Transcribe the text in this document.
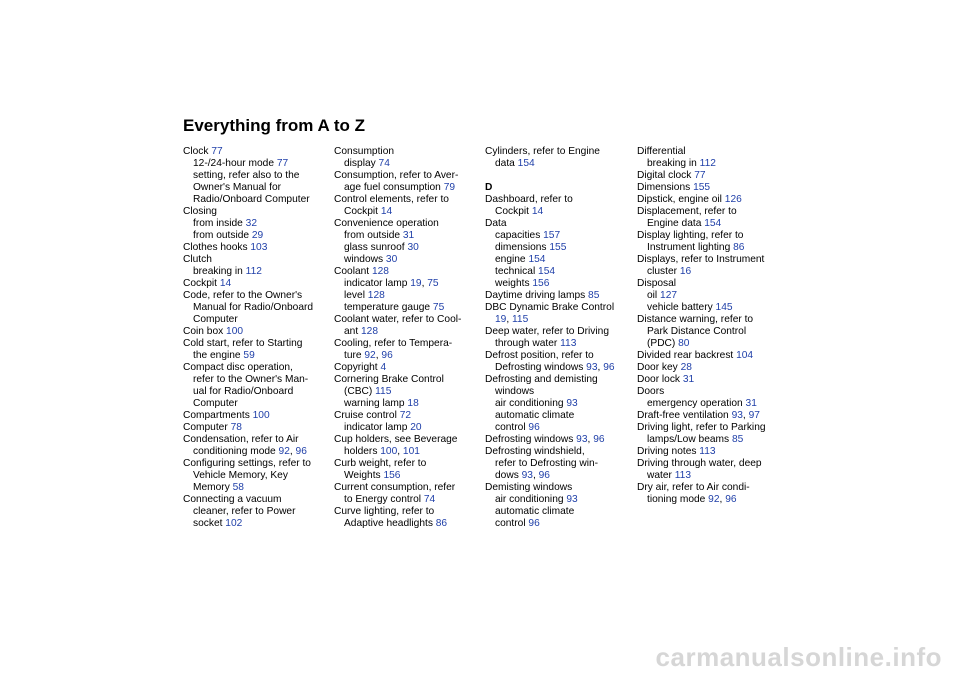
Everything from A to Z
Clock 77
12-/24-hour mode 77
setting, refer also to the
Owner's Manual for
Radio/Onboard Computer
Closing
from inside 32
from outside 29
Clothes hooks 103
Clutch
breaking in 112
Cockpit 14
Code, refer to the Owner's
Manual for Radio/Onboard
Computer
Coin box 100
Cold start, refer to Starting
the engine 59
Compact disc operation,
refer to the Owner's Man-
ual for Radio/Onboard
Computer
Compartments 100
Computer 78
Condensation, refer to Air
conditioning mode 92, 96
Configuring settings, refer to
Vehicle Memory, Key
Memory 58
Connecting a vacuum
cleaner, refer to Power
socket 102
Consumption
display 74
Consumption, refer to Aver-
age fuel consumption 79
Control elements, refer to
Cockpit 14
Convenience operation
from outside 31
glass sunroof 30
windows 30
Coolant 128
indicator lamp 19, 75
level 128
temperature gauge 75
Coolant water, refer to Cool-
ant 128
Cooling, refer to Tempera-
ture 92, 96
Copyright 4
Cornering Brake Control
(CBC) 115
warning lamp 18
Cruise control 72
indicator lamp 20
Cup holders, see Beverage
holders 100, 101
Curb weight, refer to
Weights 156
Current consumption, refer
to Energy control 74
Curve lighting, refer to
Adaptive headlights 86
Cylinders, refer to Engine
data 154
D
Dashboard, refer to
Cockpit 14
Data
capacities 157
dimensions 155
engine 154
technical 154
weights 156
Daytime driving lamps 85
DBC Dynamic Brake Control
19, 115
Deep water, refer to Driving
through water 113
Defrost position, refer to
Defrosting windows 93, 96
Defrosting and demisting
windows
air conditioning 93
automatic climate
control 96
Defrosting windows 93, 96
Defrosting windshield,
refer to Defrosting win-
dows 93, 96
Demisting windows
air conditioning 93
automatic climate
control 96
Differential
breaking in 112
Digital clock 77
Dimensions 155
Dipstick, engine oil 126
Displacement, refer to
Engine data 154
Display lighting, refer to
Instrument lighting 86
Displays, refer to Instrument
cluster 16
Disposal
oil 127
vehicle battery 145
Distance warning, refer to
Park Distance Control
(PDC) 80
Divided rear backrest 104
Door key 28
Door lock 31
Doors
emergency operation 31
Draft-free ventilation 93, 97
Driving light, refer to Parking
lamps/Low beams 85
Driving notes 113
Driving through water, deep
water 113
Dry air, refer to Air condi-
tioning mode 92, 96
carmanualsonline.info
